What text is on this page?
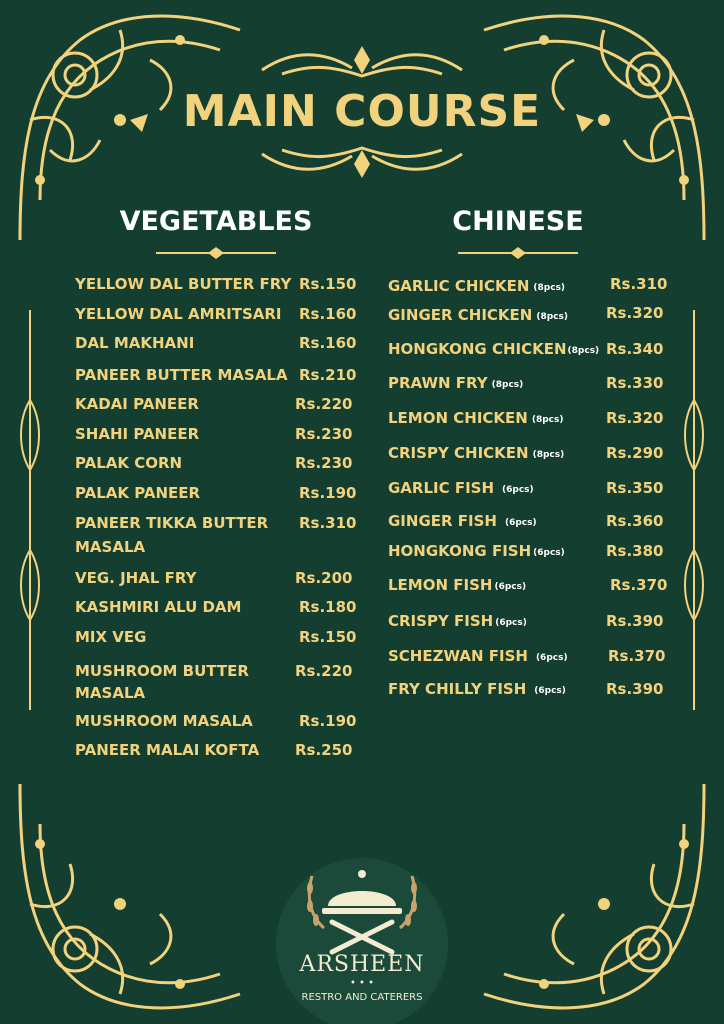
MAIN COURSE
VEGETABLES	CHINESE
YELLOW DAL BUTTER FRY Rs.150
YELLOW DAL AMRITSARI Rs.160
DAL MAKHANI	Rs.160
PANEER BUTTER MASALA Rs.210
KADAI PANEER	Rs.220
SHAHI PANEER	Rs.230
PALAK CORN	Rs.230
PALAK PANEER	Rs.190
PANEER TIKKA BUTTER
MASALA
Rs.310
VEG. JHAL FRY	Rs.200
KASHMIRI ALU DAM	Rs.180
MIX VEG	Rs.150
MUSHROOM BUTTER
MASALA
Rs.220
MUSHROOM MASALA	Rs.190
PANEER MALAI KOFTA Rs.250
GARLIC CHICKEN (8pcs)	Rs.310
GINGER CHICKEN (8pcs)	Rs.320
HONGKONG CHICKEN(8pcs) Rs.340
PRAWN FRY (8pcs)	Rs.330
LEMON CHICKEN (8pcs)	Rs.320
CRISPY CHICKEN (8pcs)	Rs.290
GARLIC FISH (6pcs)	Rs.350
GINGER FISH (6pcs)	Rs.360
HONGKONG FISH (6pcs)	Rs.380
LEMON FISH (6pcs)	Rs.370
CRISPY FISH (6pcs)	Rs.390
SCHEZWAN FISH (6pcs)	Rs.370
FRY CHILLY FISH (6pcs)	Rs.390
ARSHEEN
• • •
RESTRO AND CATERERS
